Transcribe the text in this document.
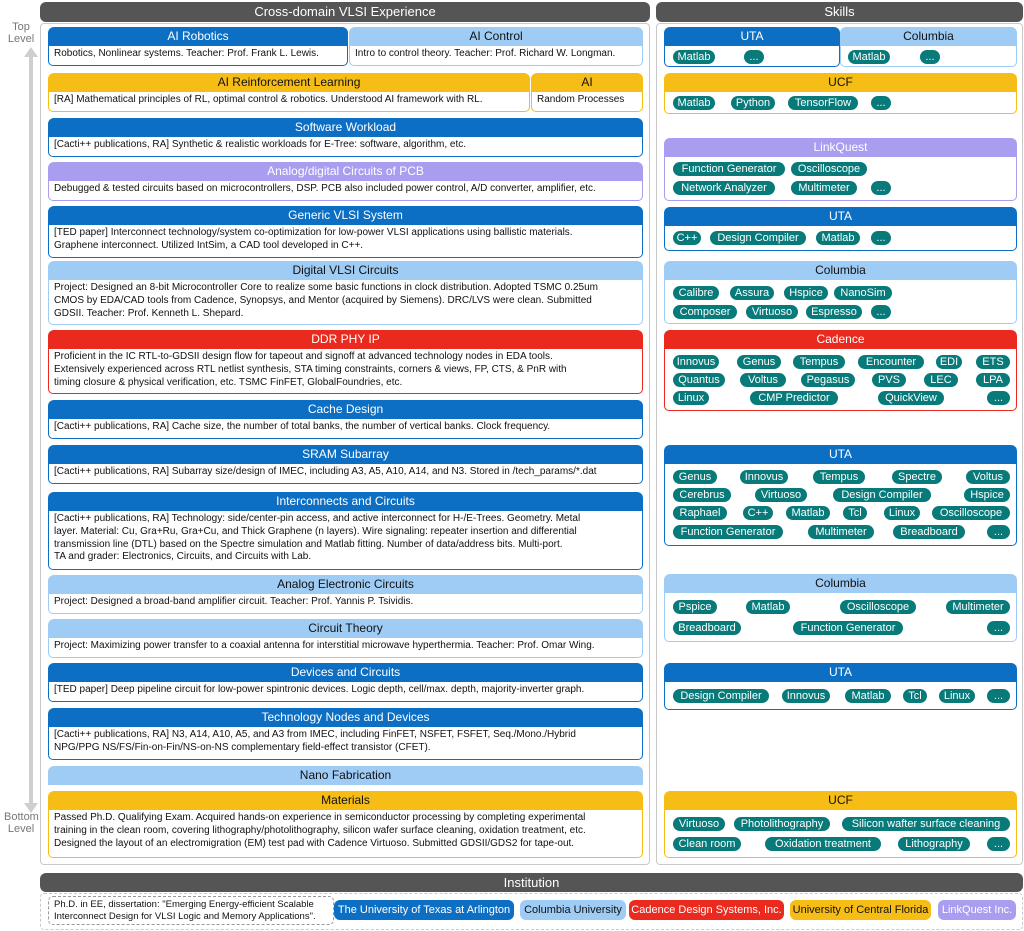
Cross-domain VLSI Experience	Skills
Top Level
Bottom Level
AI Robotics
Robotics, Nonlinear systems. Teacher: Prof. Frank L. Lewis.
AI Control
Intro to control theory. Teacher: Prof. Richard W. Longman.
AI Reinforcement Learning
[RA] Mathematical principles of RL, optimal control & robotics. Understood AI framework with RL.
AI
Random Processes
Software Workload
[Cacti++ publications, RA] Synthetic & realistic workloads for E-Tree: software, algorithm, etc.
Analog/digital Circuits of PCB
Debugged & tested circuits based on microcontrollers, DSP. PCB also included power control, A/D converter, amplifier, etc.
Generic VLSI System
[TED paper] Interconnect technology/system co-optimization for low-power VLSI applications using ballistic materials.
Graphene interconnect. Utilized IntSim, a CAD tool developed in C++.
Digital VLSI Circuits
Project: Designed an 8-bit Microcontroller Core to realize some basic functions in clock distribution. Adopted TSMC 0.25um
CMOS by EDA/CAD tools from Cadence, Synopsys, and Mentor (acquired by Siemens). DRC/LVS were clean. Submitted
GDSII. Teacher: Prof. Kenneth L. Shepard.
DDR PHY IP
Proficient in the IC RTL-to-GDSII design flow for tapeout and signoff at advanced technology nodes in EDA tools.
Extensively experienced across RTL netlist synthesis, STA timing constraints, corners & views, FP, CTS, & PnR with
timing closure & physical verification, etc. TSMC FinFET, GlobalFoundries, etc.
Cache Design
[Cacti++ publications, RA] Cache size, the number of total banks, the number of vertical banks. Clock frequency.
SRAM Subarray
[Cacti++ publications, RA] Subarray size/design of IMEC, including A3, A5, A10, A14, and N3. Stored in /tech_params/*.dat
Interconnects and Circuits
[Cacti++ publications, RA] Technology: side/center-pin access, and active interconnect for H-/E-Trees. Geometry. Metal
layer. Material: Cu, Gra+Ru, Gra+Cu, and Thick Graphene (n layers). Wire signaling: repeater insertion and differential
transmission line (DTL) based on the Spectre simulation and Matlab fitting. Number of data/address bits. Multi-port.
TA and grader: Electronics, Circuits, and Circuits with Lab.
Analog Electronic Circuits
Project: Designed a broad-band amplifier circuit. Teacher: Prof. Yannis P. Tsividis.
Circuit Theory
Project: Maximizing power transfer to a coaxial antenna for interstitial microwave hyperthermia. Teacher: Prof. Omar Wing.
Devices and Circuits
[TED paper] Deep pipeline circuit for low-power spintronic devices. Logic depth, cell/max. depth, majority-inverter graph.
Technology Nodes and Devices
[Cacti++ publications, RA] N3, A14, A10, A5, and A3 from IMEC, including FinFET, NSFET, FSFET, Seq./Mono./Hybrid
NPG/PPG NS/FS/Fin-on-Fin/NS-on-NS complementary field-effect transistor (CFET).
Nano Fabrication
Materials
Passed Ph.D. Qualifying Exam. Acquired hands-on experience in semiconductor processing by completing experimental
training in the clean room, covering lithography/photolithography, silicon wafer surface cleaning, oxidation treatment, etc.
Designed the layout of an electromigration (EM) test pad with Cadence Virtuoso. Submitted GDSII/GDS2 for tape-out.
UTA
Matlab	...
Columbia
Matlab	...
UCF
Matlab	Python	TensorFlow	...
LinkQuest
Function Generator	Oscilloscope
Network Analyzer	Multimeter	...
UTA
C++	Design Compiler	Matlab	...
Columbia
Calibre	Assura	Hspice	NanoSim
Composer	Virtuoso	Espresso	...
Cadence
Innovus	Genus	Tempus	Encounter	EDI	ETS
Quantus	Voltus	Pegasus	PVS	LEC	LPA
Linux	CMP Predictor	QuickView	...
UTA
Genus	Innovus	Tempus	Spectre	Voltus
Cerebrus	Virtuoso	Design Compiler	Hspice
Raphael	C++	Matlab	Tcl	Linux	Oscilloscope
Function Generator	Multimeter	Breadboard	...
Columbia
Pspice	Matlab	Oscilloscope	Multimeter
Breadboard	Function Generator	...
UTA
Design Compiler	Innovus	Matlab	Tcl	Linux	...
UCF
Virtuoso	Photolithography	Silicon wafter surface cleaning
Clean room	Oxidation treatment	Lithography	...
Institution
Ph.D. in EE, dissertation: "Emerging Energy-efficient Scalable
Interconnect Design for VLSI Logic and Memory Applications".
The University of Texas at Arlington	Columbia University Cadence Design Systems, Inc. University of Central Florida	LinkQuest Inc.
